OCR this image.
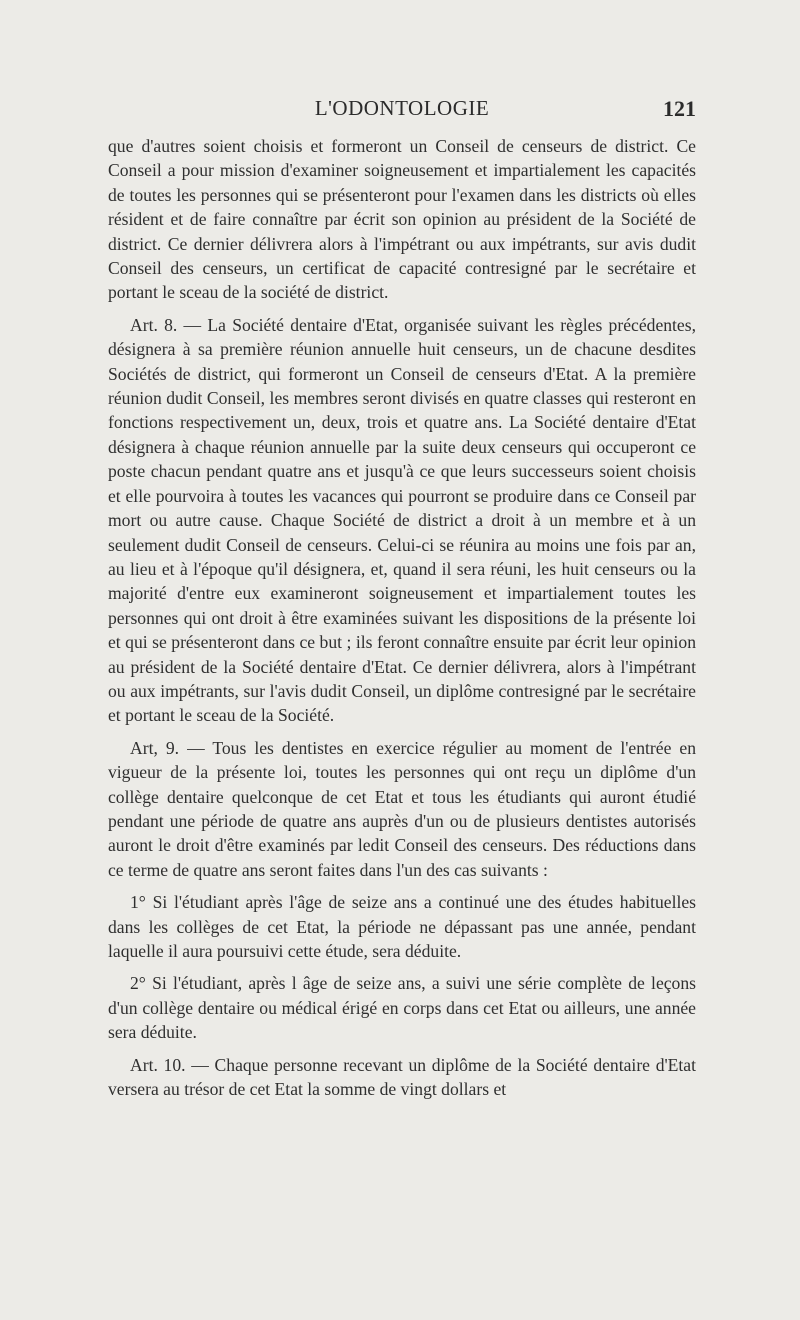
L'ODONTOLOGIE	121

que d'autres soient choisis et formeront un Conseil de censeurs de district. Ce Conseil a pour mission d'examiner soigneusement et impartialement les capacités de toutes les personnes qui se présenteront pour l'examen dans les districts où elles résident et de faire connaître par écrit son opinion au président de la Société de district. Ce dernier délivrera alors à l'impétrant ou aux impétrants, sur avis dudit Conseil des censeurs, un certificat de capacité contresigné par le secrétaire et portant le sceau de la société de district.

Art. 8. — La Société dentaire d'Etat, organisée suivant les règles précédentes, désignera à sa première réunion annuelle huit censeurs, un de chacune desdites Sociétés de district, qui formeront un Conseil de censeurs d'Etat. A la première réunion dudit Conseil, les membres seront divisés en quatre classes qui resteront en fonctions respectivement un, deux, trois et quatre ans. La Société dentaire d'Etat désignera à chaque réunion annuelle par la suite deux censeurs qui occuperont ce poste chacun pendant quatre ans et jusqu'à ce que leurs successeurs soient choisis et elle pourvoira à toutes les vacances qui pourront se produire dans ce Conseil par mort ou autre cause. Chaque Société de district a droit à un membre et à un seulement dudit Conseil de censeurs. Celui-ci se réunira au moins une fois par an, au lieu et à l'époque qu'il désignera, et, quand il sera réuni, les huit censeurs ou la majorité d'entre eux examineront soigneusement et impartialement toutes les personnes qui ont droit à être examinées suivant les dispositions de la présente loi et qui se présenteront dans ce but ; ils feront connaître ensuite par écrit leur opinion au président de la Société dentaire d'Etat. Ce dernier délivrera, alors à l'impétrant ou aux impétrants, sur l'avis dudit Conseil, un diplôme contresigné par le secrétaire et portant le sceau de la Société.

Art, 9. — Tous les dentistes en exercice régulier au moment de l'entrée en vigueur de la présente loi, toutes les personnes qui ont reçu un diplôme d'un collège dentaire quelconque de cet Etat et tous les étudiants qui auront étudié pendant une période de quatre ans auprès d'un ou de plusieurs dentistes autorisés auront le droit d'être examinés par ledit Conseil des censeurs. Des réductions dans ce terme de quatre ans seront faites dans l'un des cas suivants :

1° Si l'étudiant après l'âge de seize ans a continué une des études habituelles dans les collèges de cet Etat, la période ne dépassant pas une année, pendant laquelle il aura poursuivi cette étude, sera déduite.

2° Si l'étudiant, après l âge de seize ans, a suivi une série complète de leçons d'un collège dentaire ou médical érigé en corps dans cet Etat ou ailleurs, une année sera déduite.

Art. 10. — Chaque personne recevant un diplôme de la Société dentaire d'Etat versera au trésor de cet Etat la somme de vingt dollars et
